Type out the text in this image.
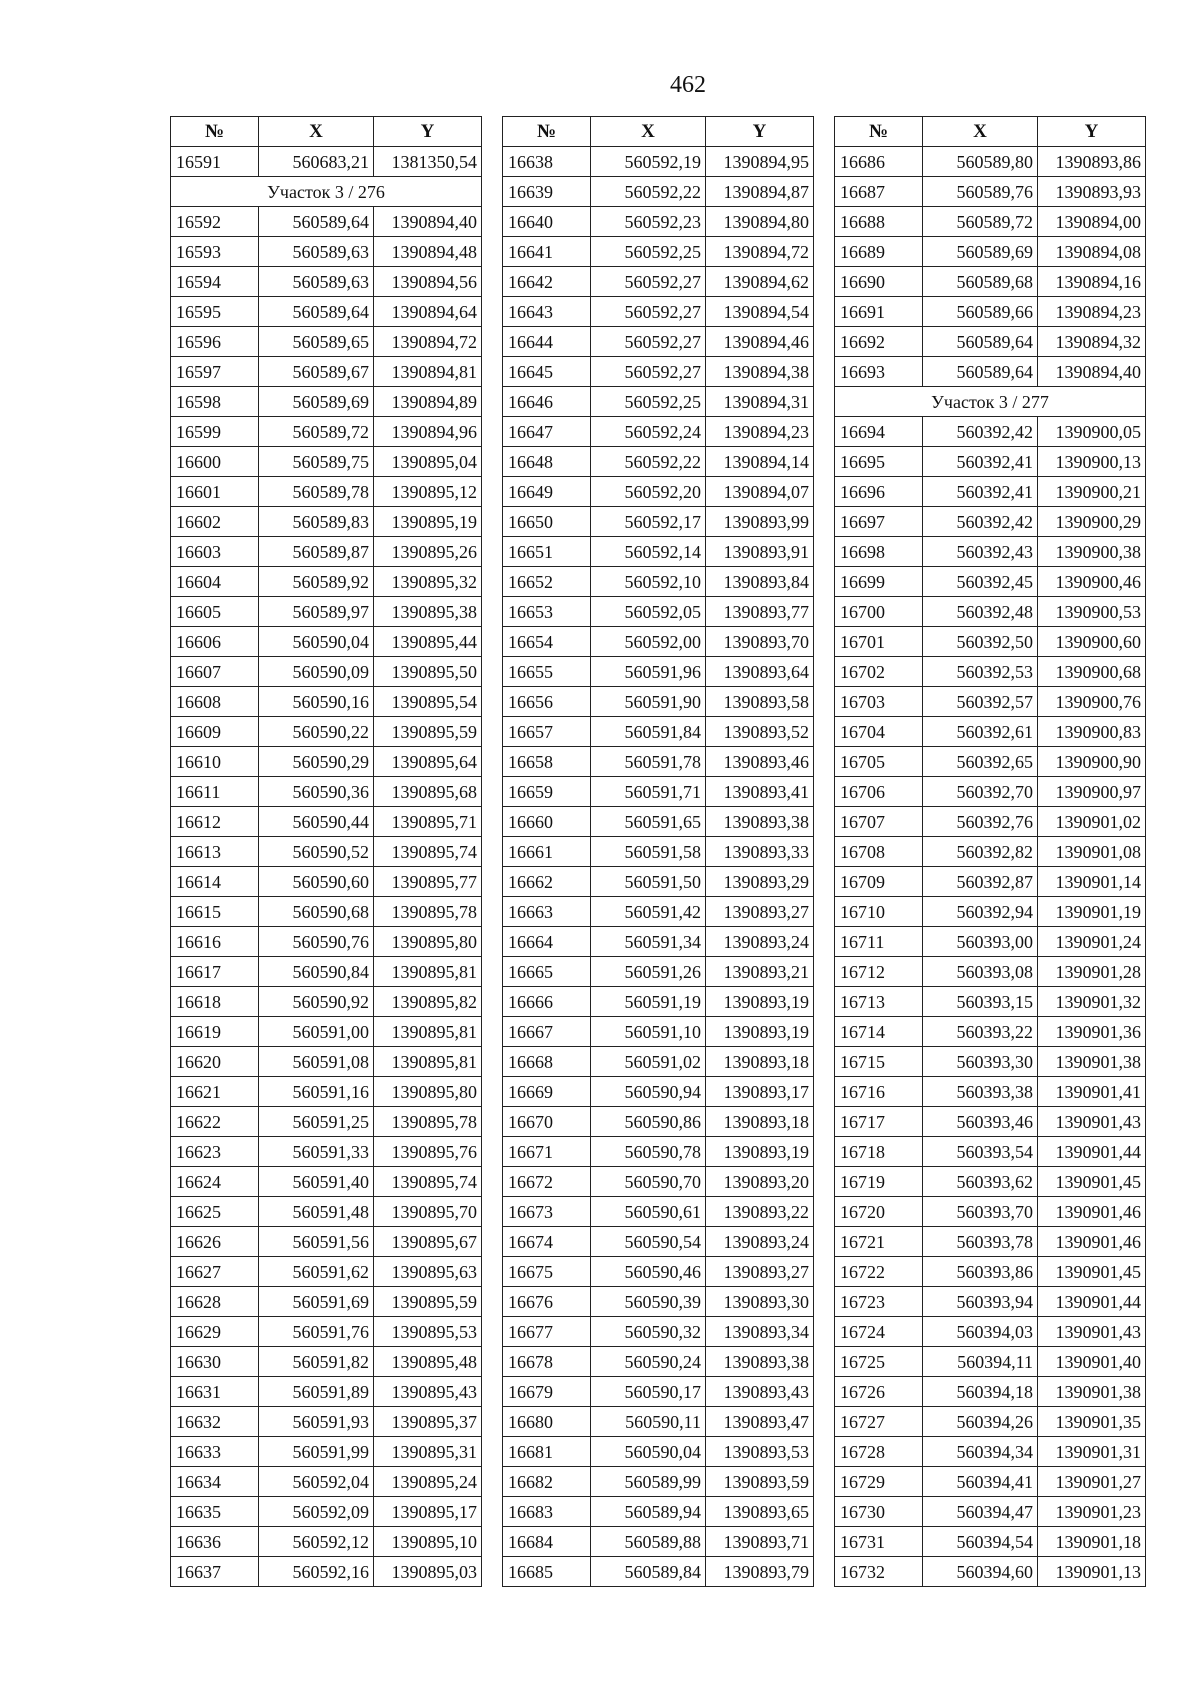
462
№	X	Y
16591	560683,21	1381350,54
Участок 3 / 276		
16592	560589,64	1390894,40
16593	560589,63	1390894,48
16594	560589,63	1390894,56
16595	560589,64	1390894,64
16596	560589,65	1390894,72
16597	560589,67	1390894,81
16598	560589,69	1390894,89
16599	560589,72	1390894,96
16600	560589,75	1390895,04
16601	560589,78	1390895,12
16602	560589,83	1390895,19
16603	560589,87	1390895,26
16604	560589,92	1390895,32
16605	560589,97	1390895,38
16606	560590,04	1390895,44
16607	560590,09	1390895,50
16608	560590,16	1390895,54
16609	560590,22	1390895,59
16610	560590,29	1390895,64
16611	560590,36	1390895,68
16612	560590,44	1390895,71
16613	560590,52	1390895,74
16614	560590,60	1390895,77
16615	560590,68	1390895,78
16616	560590,76	1390895,80
16617	560590,84	1390895,81
16618	560590,92	1390895,82
16619	560591,00	1390895,81
16620	560591,08	1390895,81
16621	560591,16	1390895,80
16622	560591,25	1390895,78
16623	560591,33	1390895,76
16624	560591,40	1390895,74
16625	560591,48	1390895,70
16626	560591,56	1390895,67
16627	560591,62	1390895,63
16628	560591,69	1390895,59
16629	560591,76	1390895,53
16630	560591,82	1390895,48
16631	560591,89	1390895,43
16632	560591,93	1390895,37
16633	560591,99	1390895,31
16634	560592,04	1390895,24
16635	560592,09	1390895,17
16636	560592,12	1390895,10
16637	560592,16	1390895,03
№	X	Y
16638	560592,19	1390894,95
16639	560592,22	1390894,87
16640	560592,23	1390894,80
16641	560592,25	1390894,72
16642	560592,27	1390894,62
16643	560592,27	1390894,54
16644	560592,27	1390894,46
16645	560592,27	1390894,38
16646	560592,25	1390894,31
16647	560592,24	1390894,23
16648	560592,22	1390894,14
16649	560592,20	1390894,07
16650	560592,17	1390893,99
16651	560592,14	1390893,91
16652	560592,10	1390893,84
16653	560592,05	1390893,77
16654	560592,00	1390893,70
16655	560591,96	1390893,64
16656	560591,90	1390893,58
16657	560591,84	1390893,52
16658	560591,78	1390893,46
16659	560591,71	1390893,41
16660	560591,65	1390893,38
16661	560591,58	1390893,33
16662	560591,50	1390893,29
16663	560591,42	1390893,27
16664	560591,34	1390893,24
16665	560591,26	1390893,21
16666	560591,19	1390893,19
16667	560591,10	1390893,19
16668	560591,02	1390893,18
16669	560590,94	1390893,17
16670	560590,86	1390893,18
16671	560590,78	1390893,19
16672	560590,70	1390893,20
16673	560590,61	1390893,22
16674	560590,54	1390893,24
16675	560590,46	1390893,27
16676	560590,39	1390893,30
16677	560590,32	1390893,34
16678	560590,24	1390893,38
16679	560590,17	1390893,43
16680	560590,11	1390893,47
16681	560590,04	1390893,53
16682	560589,99	1390893,59
16683	560589,94	1390893,65
16684	560589,88	1390893,71
16685	560589,84	1390893,79
№	X	Y
16686	560589,80	1390893,86
16687	560589,76	1390893,93
16688	560589,72	1390894,00
16689	560589,69	1390894,08
16690	560589,68	1390894,16
16691	560589,66	1390894,23
16692	560589,64	1390894,32
16693	560589,64	1390894,40
Участок 3 / 277		
16694	560392,42	1390900,05
16695	560392,41	1390900,13
16696	560392,41	1390900,21
16697	560392,42	1390900,29
16698	560392,43	1390900,38
16699	560392,45	1390900,46
16700	560392,48	1390900,53
16701	560392,50	1390900,60
16702	560392,53	1390900,68
16703	560392,57	1390900,76
16704	560392,61	1390900,83
16705	560392,65	1390900,90
16706	560392,70	1390900,97
16707	560392,76	1390901,02
16708	560392,82	1390901,08
16709	560392,87	1390901,14
16710	560392,94	1390901,19
16711	560393,00	1390901,24
16712	560393,08	1390901,28
16713	560393,15	1390901,32
16714	560393,22	1390901,36
16715	560393,30	1390901,38
16716	560393,38	1390901,41
16717	560393,46	1390901,43
16718	560393,54	1390901,44
16719	560393,62	1390901,45
16720	560393,70	1390901,46
16721	560393,78	1390901,46
16722	560393,86	1390901,45
16723	560393,94	1390901,44
16724	560394,03	1390901,43
16725	560394,11	1390901,40
16726	560394,18	1390901,38
16727	560394,26	1390901,35
16728	560394,34	1390901,31
16729	560394,41	1390901,27
16730	560394,47	1390901,23
16731	560394,54	1390901,18
16732	560394,60	1390901,13
